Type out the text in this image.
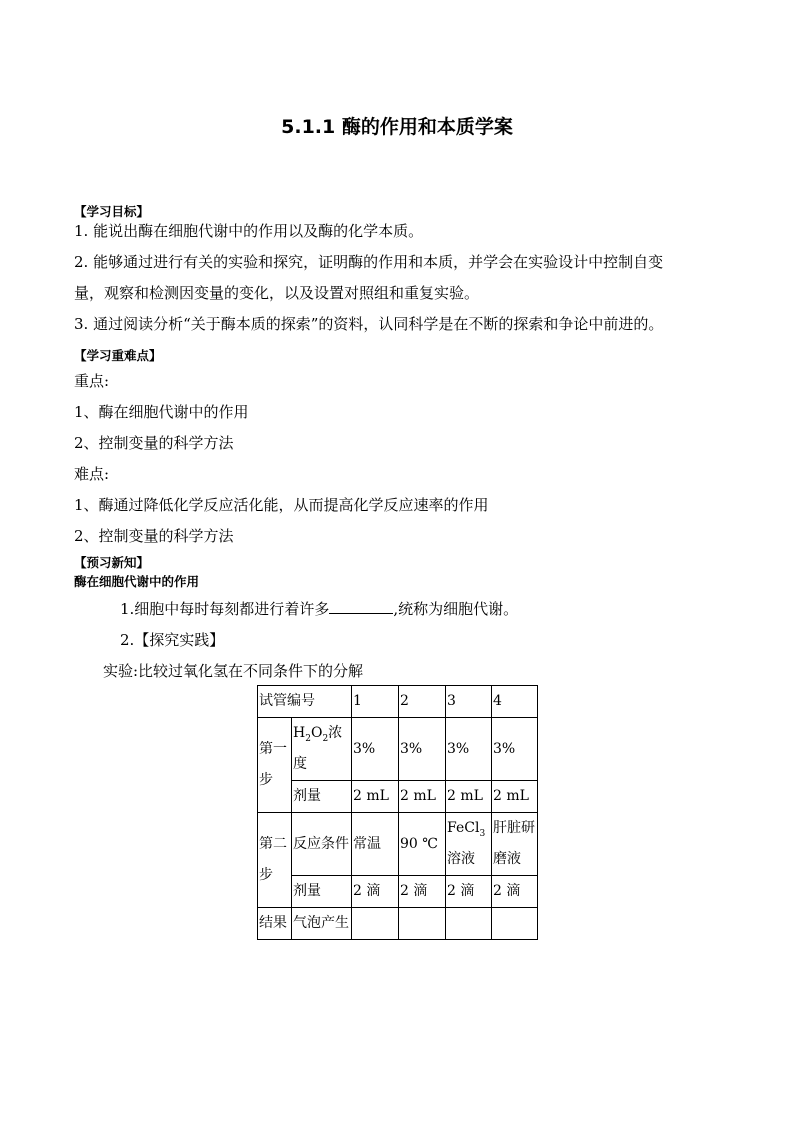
5.1.1 酶的作用和本质学案
【学习目标】
1. 能说出酶在细胞代谢中的作用以及酶的化学本质。
2. 能够通过进行有关的实验和探究，证明酶的作用和本质，并学会在实验设计中控制自变
量，观察和检测因变量的变化，以及设置对照组和重复实验。
3. 通过阅读分析“关于酶本质的探索”的资料，认同科学是在不断的探索和争论中前进的。
【学习重难点】
重点:
1、酶在细胞代谢中的作用
2、控制变量的科学方法
难点:
1、酶通过降低化学反应活化能，从而提高化学反应速率的作用
2、控制变量的科学方法
【预习新知】
酶在细胞代谢中的作用
1.细胞中每时每刻都进行着许多	,统称为细胞代谢。
2.【探究实践】
实验:比较过氧化氢在不同条件下的分解
试管编号		1	2	3	4
第一步	$H_2O_2$浓度	3%	3%	3%	3%
	剂量	2 mL	2 mL	2 mL	2 mL
第二步	反应条件	常温	90 ℃	FeCl$_3$溶液	肝脏研磨液
	剂量	2 滴	2 滴	2 滴	2 滴
结果	气泡产生				
